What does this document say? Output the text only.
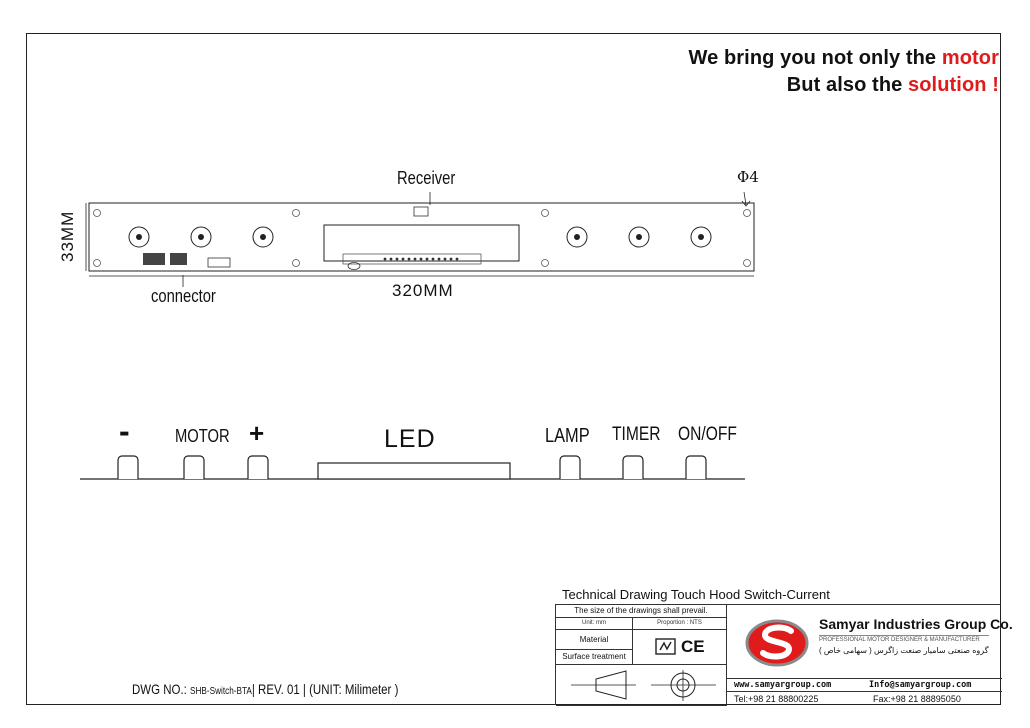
We bring you not only the motor
But also the solution !
Receiver	Φ4
33MM
320MM
connector
-	MOTOR +	LED	LAMP TIMER ON/OFF
Technical Drawing Touch Hood Switch-Current
The size of the drawings shall prevail.
Unit: mm	Proportion : NTS
Material
Surface treatment
CE
Samyar Industries Group Co.
PROFESSIONAL MOTOR DESIGNER & MANUFACTURER
گروه صنعتی سامیار صنعت زاگرس ( سهامی خاص )
www.samyargroup.com	Info@samyargroup.com
Tel:+98 21 88800225	Fax:+98 21 88895050
DWG NO.: SHB-Switch-BTA| REV. 01 | (UNIT: Milimeter )
